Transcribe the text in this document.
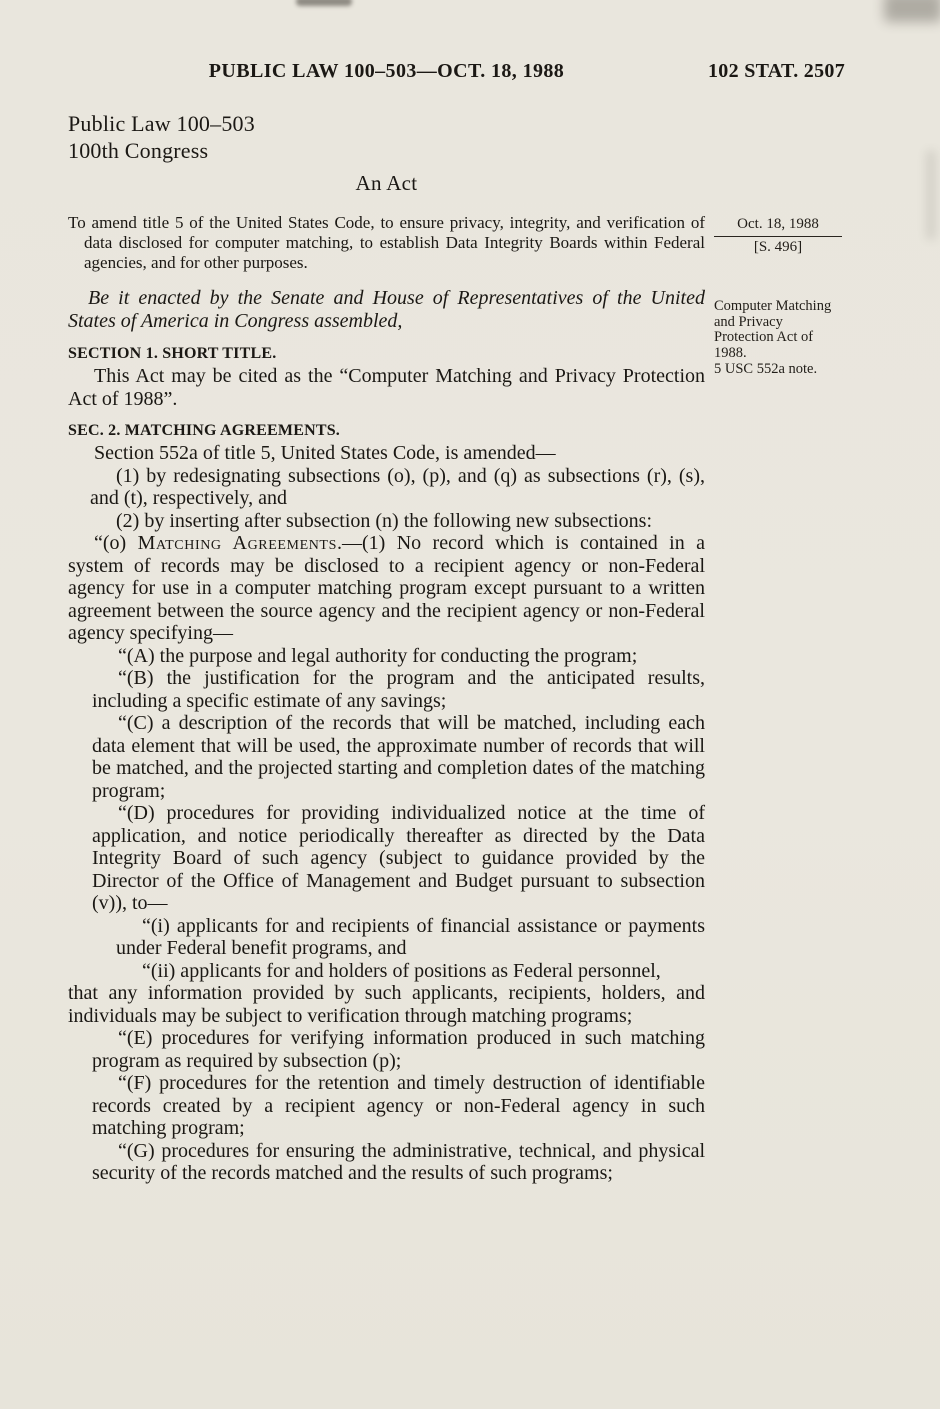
PUBLIC LAW 100–503—OCT. 18, 1988	102 STAT. 2507
Public Law 100–503
100th Congress
An Act

To amend title 5 of the United States Code, to ensure privacy, integrity, and verification of data disclosed for computer matching, to establish Data Integrity Boards within Federal agencies, and for other purposes.

Be it enacted by the Senate and House of Representatives of the United States of America in Congress assembled,

SECTION 1. SHORT TITLE.

This Act may be cited as the “Computer Matching and Privacy Protection Act of 1988”.

SEC. 2. MATCHING AGREEMENTS.

Section 552a of title 5, United States Code, is amended—

(1) by redesignating subsections (o), (p), and (q) as subsections (r), (s), and (t), respectively, and

(2) by inserting after subsection (n) the following new subsections:

“(o) Matching Agreements.—(1) No record which is contained in a system of records may be disclosed to a recipient agency or non-Federal agency for use in a computer matching program except pursuant to a written agreement between the source agency and the recipient agency or non-Federal agency specifying—

“(A) the purpose and legal authority for conducting the program;

“(B) the justification for the program and the anticipated results, including a specific estimate of any savings;

“(C) a description of the records that will be matched, including each data element that will be used, the approximate number of records that will be matched, and the projected starting and completion dates of the matching program;

“(D) procedures for providing individualized notice at the time of application, and notice periodically thereafter as directed by the Data Integrity Board of such agency (subject to guidance provided by the Director of the Office of Management and Budget pursuant to subsection (v)), to—

“(i) applicants for and recipients of financial assistance or payments under Federal benefit programs, and

“(ii) applicants for and holders of positions as Federal personnel,

that any information provided by such applicants, recipients, holders, and individuals may be subject to verification through matching programs;

“(E) procedures for verifying information produced in such matching program as required by subsection (p);

“(F) procedures for the retention and timely destruction of identifiable records created by a recipient agency or non-Federal agency in such matching program;

“(G) procedures for ensuring the administrative, technical, and physical security of the records matched and the results of such programs;

Oct. 18, 1988
[S. 496]
Computer Matching and Privacy Protection Act of 1988.
5 USC 552a note.
